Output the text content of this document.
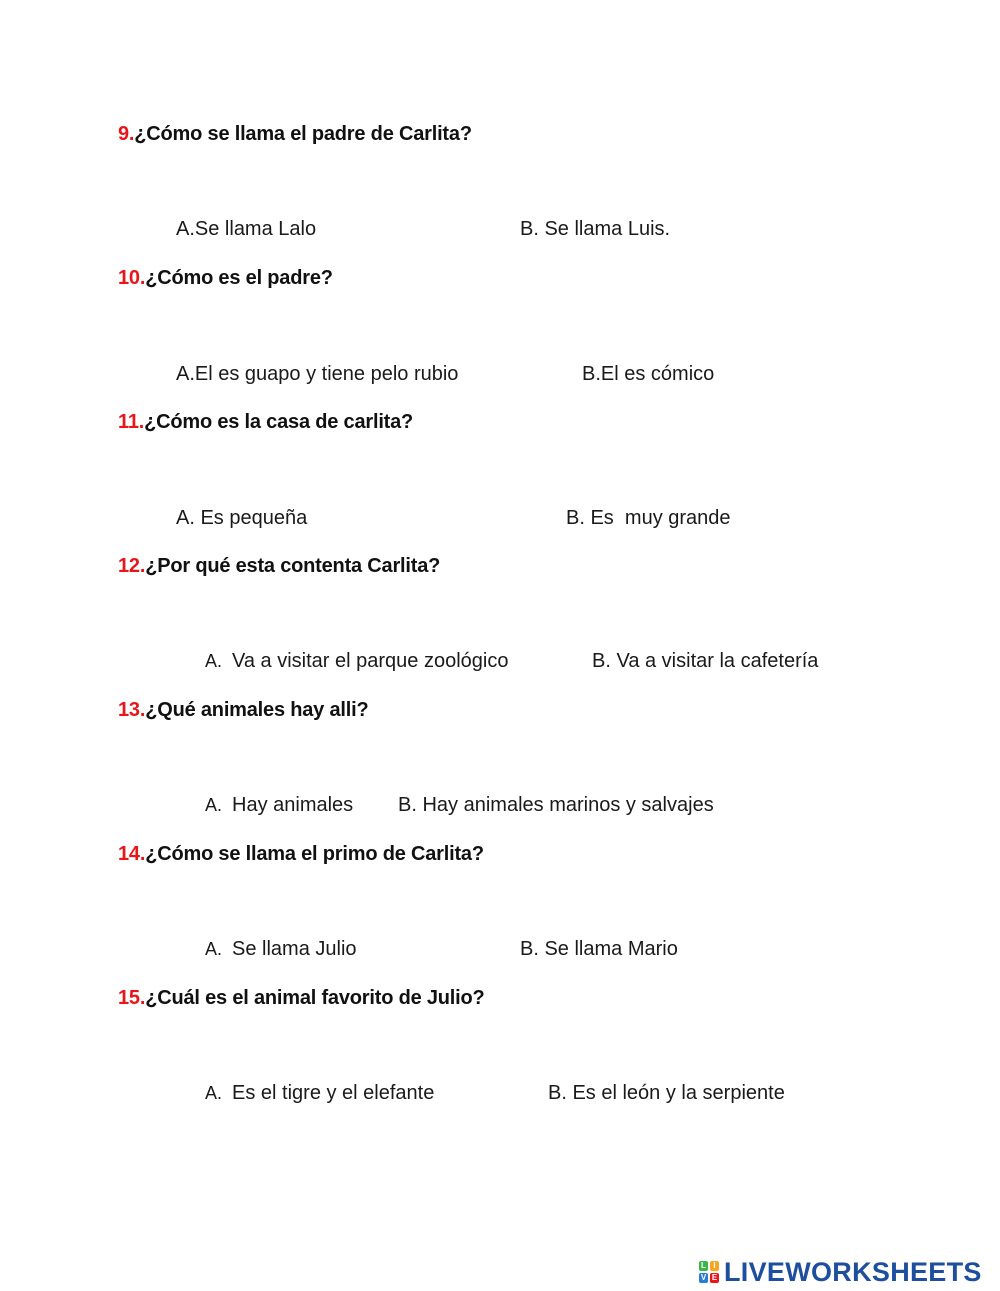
9.¿Cómo se llama el padre de Carlita?
A.Se llama Lalo	B. Se llama Luis.
10.¿Cómo es el padre?
A.El es guapo y tiene pelo rubio	B.El es cómico
11.¿Cómo es la casa de carlita?
A. Es pequeña	B. Es  muy grande
12.¿Por qué esta contenta Carlita?
A. Va a visitar el parque zoológico	B. Va a visitar la cafetería
13.¿Qué animales hay alli?
A. Hay animales B. Hay animales marinos y salvajes
14.¿Cómo se llama el primo de Carlita?
A. Se llama Julio	B. Se llama Mario
15.¿Cuál es el animal favorito de Julio?
A. Es el tigre y el elefante	B. Es el león y la serpiente
L I
V E LIVEWORKSHEETS
